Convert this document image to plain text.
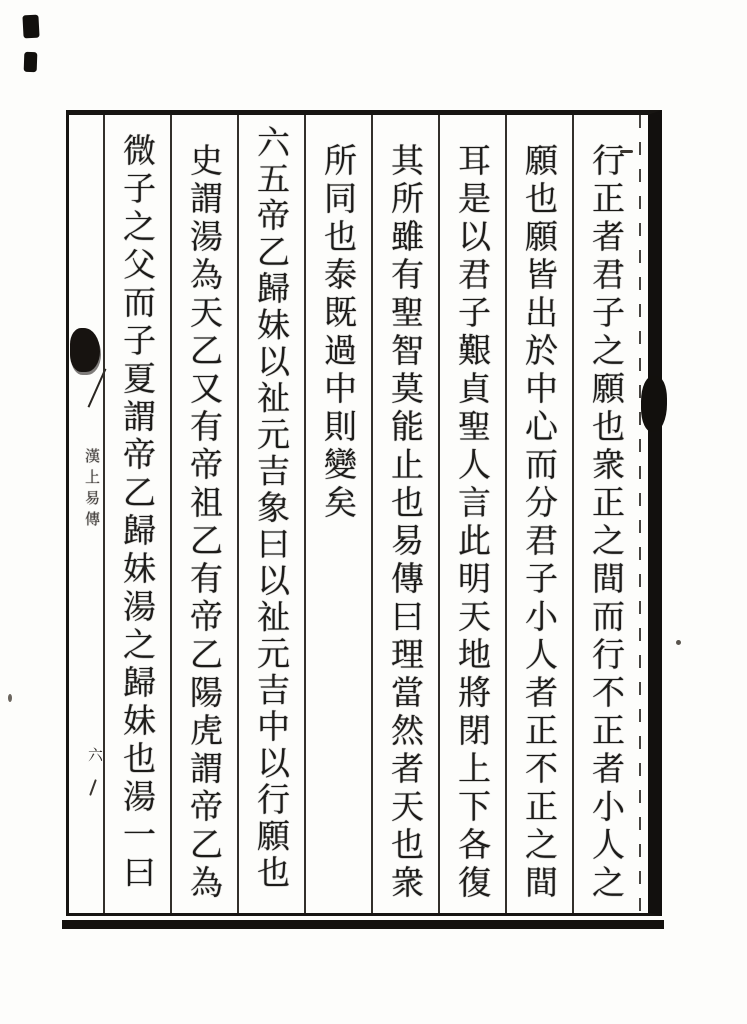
漢上易傳
六	行正者君子之願也衆正之間而行不正者小人之
願也願皆出於中心而分君子小人者正不正之間
耳是以君子艱貞聖人言此明天地將閉上下各復
其所雖有聖智莫能止也易傳曰理當然者天也衆
所同也泰既過中則變矣
六五帝乙歸妹以祉元吉象曰以祉元吉中以行願也
史謂湯為天乙又有帝祖乙有帝乙陽虎謂帝乙為
微子之父而子夏謂帝乙歸妹湯之歸妹也湯一曰
